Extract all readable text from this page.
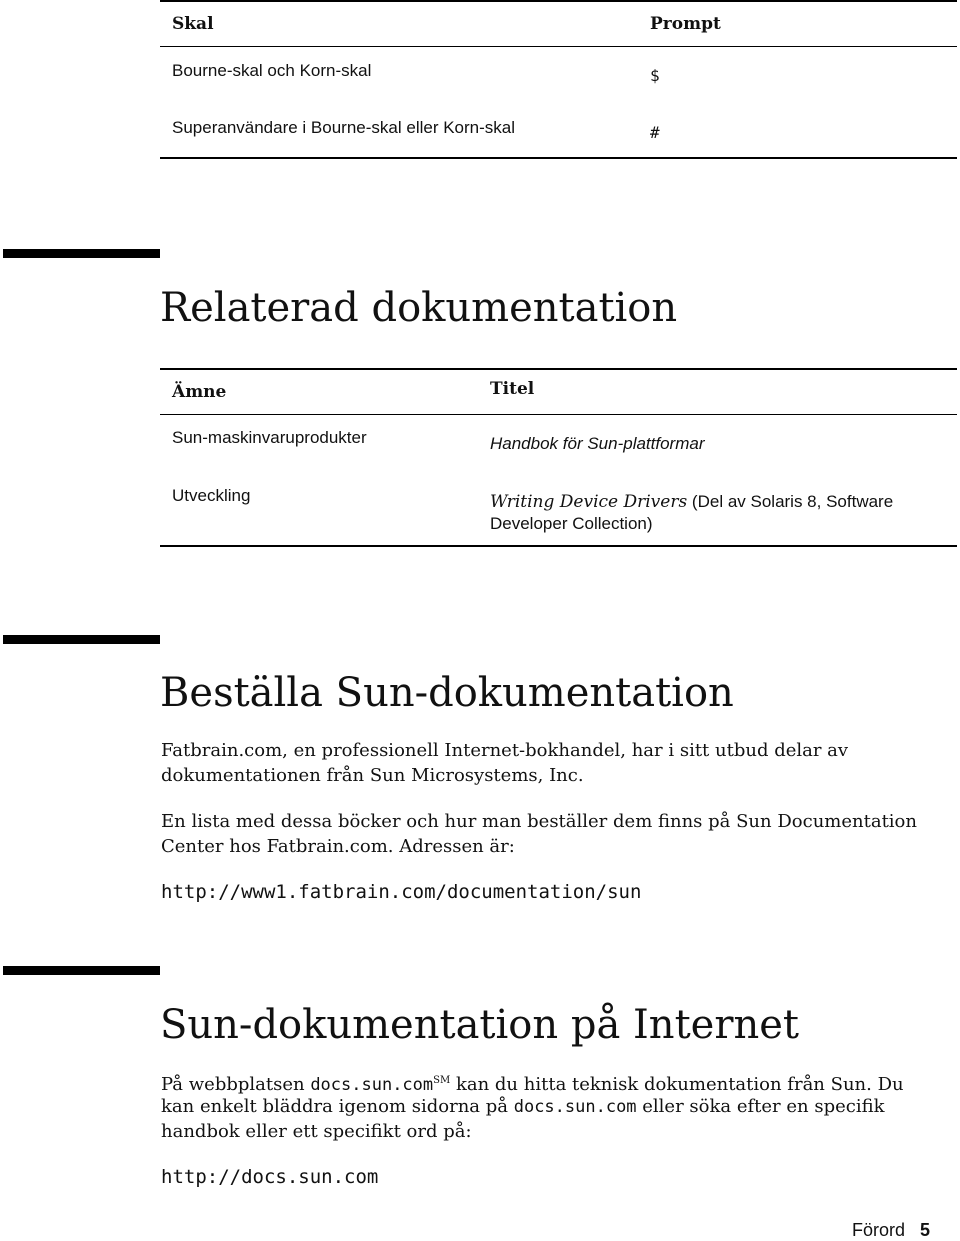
Skal	Prompt
Bourne-skal och Korn-skal	$
Superanvändare i Bourne-skal eller Korn-skal	#
Relaterad dokumentation
Ämne	Titel
Sun-maskinvaruprodukter	Handbok för Sun-plattformar
Utveckling	Writing Device Drivers (Del av Solaris 8, Software
Developer Collection)
Beställa Sun-dokumentation
Fatbrain.com, en professionell Internet-bokhandel, har i sitt utbud delar av
dokumentationen från Sun Microsystems, Inc.
En lista med dessa böcker och hur man beställer dem finns på Sun Documentation
Center hos Fatbrain.com. Adressen är:
http://www1.fatbrain.com/documentation/sun
Sun-dokumentation på Internet
På webbplatsen docs.sun.com℠ kan du hitta teknisk dokumentation från Sun. Du
kan enkelt bläddra igenom sidorna på docs.sun.com eller söka efter en specifik
handbok eller ett specifikt ord på:
http://docs.sun.com
Förord 5
